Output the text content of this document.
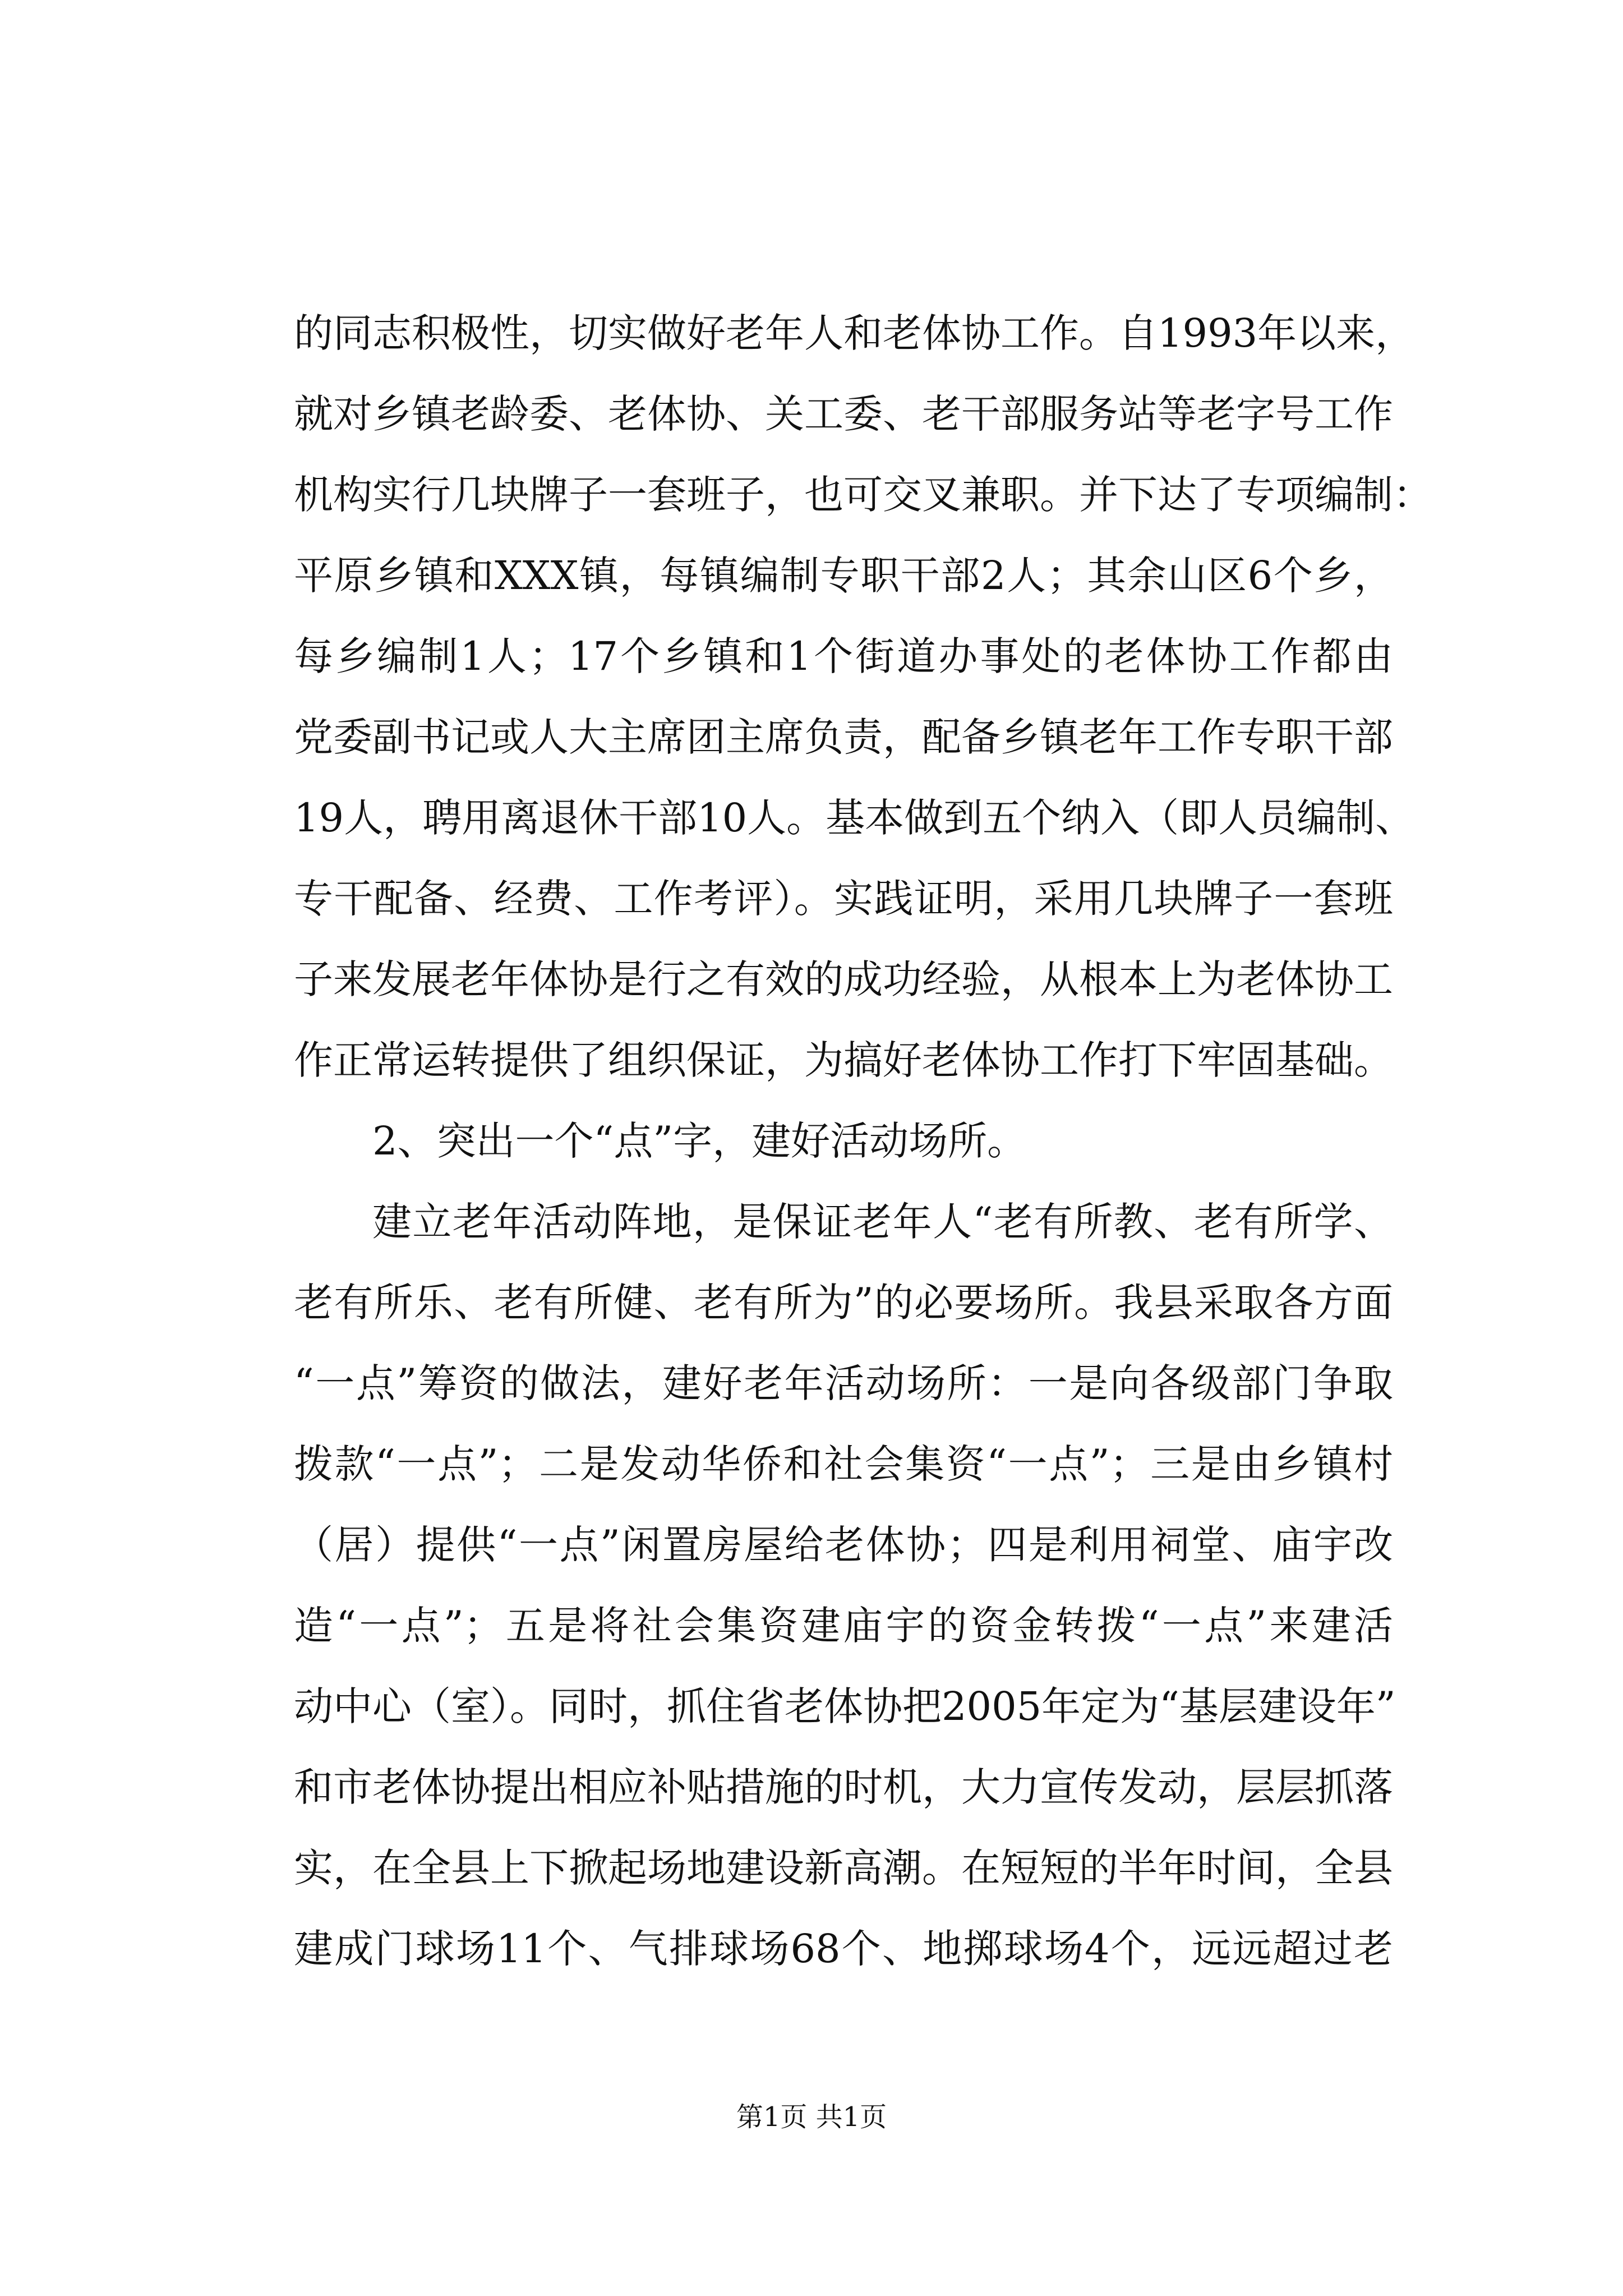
的同志积极性，切实做好老年人和老体协工作。自1993年以来，
就对乡镇老龄委、老体协、关工委、老干部服务站等老字号工作
机构实行几块牌子一套班子，也可交叉兼职。并下达了专项编制：
平原乡镇和XXX镇，每镇编制专职干部2人；其余山区6个乡，
每乡编制1人；17个乡镇和1个街道办事处的老体协工作都由
党委副书记或人大主席团主席负责，配备乡镇老年工作专职干部
19人，聘用离退休干部10人。基本做到五个纳入（即人员编制、
专干配备、经费、工作考评）。实践证明，采用几块牌子一套班
子来发展老年体协是行之有效的成功经验，从根本上为老体协工
作正常运转提供了组织保证，为搞好老体协工作打下牢固基础。
2、突出一个“点”字，建好活动场所。
建立老年活动阵地，是保证老年人“老有所教、老有所学、
老有所乐、老有所健、老有所为”的必要场所。我县采取各方面
“一点”筹资的做法，建好老年活动场所：一是向各级部门争取
拨款“一点”；二是发动华侨和社会集资“一点”；三是由乡镇村
（居）提供“一点”闲置房屋给老体协；四是利用祠堂、庙宇改
造“一点”；五是将社会集资建庙宇的资金转拨“一点”来建活
动中心（室）。同时，抓住省老体协把2005年定为“基层建设年”
和市老体协提出相应补贴措施的时机，大力宣传发动，层层抓落
实，在全县上下掀起场地建设新高潮。在短短的半年时间，全县
建成门球场11个、气排球场68个、地掷球场4个，远远超过老
第1页 共1页
